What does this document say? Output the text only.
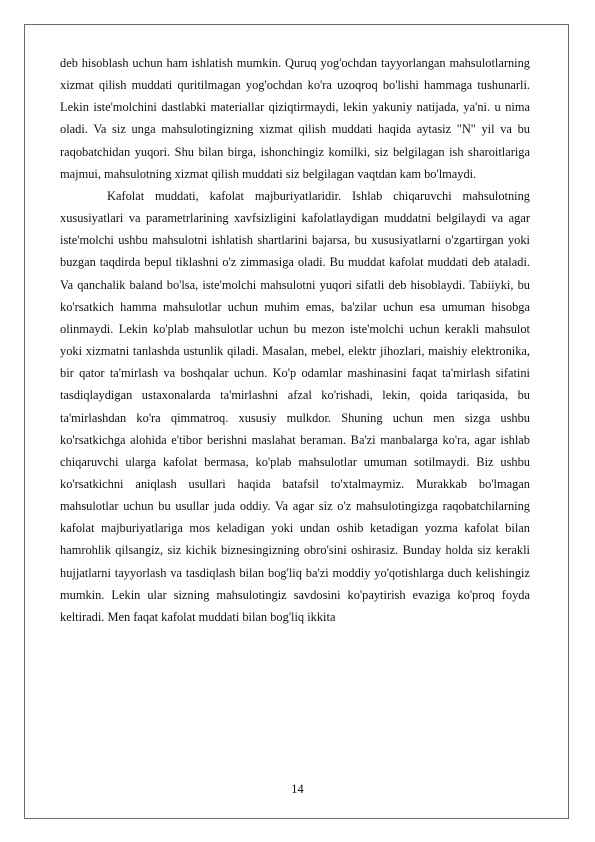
deb hisoblash uchun ham ishlatish mumkin. Quruq yog'ochdan tayyorlangan mahsulotlarning xizmat qilish muddati quritilmagan yog'ochdan ko'ra uzoqroq bo'lishi hammaga tushunarli. Lekin iste'molchini dastlabki materiallar qiziqtirmaydi, lekin yakuniy natijada, ya'ni. u nima oladi. Va siz unga mahsulotingizning xizmat qilish muddati haqida aytasiz "N" yil va bu raqobatchidan yuqori. Shu bilan birga, ishonchingiz komilki, siz belgilagan ish sharoitlariga majmui, mahsulotning xizmat qilish muddati siz belgilagan vaqtdan kam bo'lmaydi.

Kafolat muddati, kafolat majburiyatlaridir. Ishlab chiqaruvchi mahsulotning xususiyatlari va parametrlarining xavfsizligini kafolatlaydigan muddatni belgilaydi va agar iste'molchi ushbu mahsulotni ishlatish shartlarini bajarsa, bu xususiyatlarni o'zgartirgan yoki buzgan taqdirda bepul tiklashni o'z zimmasiga oladi. Bu muddat kafolat muddati deb ataladi. Va qanchalik baland bo'lsa, iste'molchi mahsulotni yuqori sifatli deb hisoblaydi. Tabiiyki, bu ko'rsatkich hamma mahsulotlar uchun muhim emas, ba'zilar uchun esa umuman hisobga olinmaydi. Lekin ko'plab mahsulotlar uchun bu mezon iste'molchi uchun kerakli mahsulot yoki xizmatni tanlashda ustunlik qiladi. Masalan, mebel, elektr jihozlari, maishiy elektronika, bir qator ta'mirlash va boshqalar uchun. Ko'p odamlar mashinasini faqat ta'mirlash sifatini tasdiqlaydigan ustaxonalarda ta'mirlashni afzal ko'rishadi, lekin, qoida tariqasida, bu ta'mirlashdan ko'ra qimmatroq. xususiy mulkdor. Shuning uchun men sizga ushbu ko'rsatkichga alohida e'tibor berishni maslahat beraman. Ba'zi manbalarga ko'ra, agar ishlab chiqaruvchi ularga kafolat bermasa, ko'plab mahsulotlar umuman sotilmaydi. Biz ushbu ko'rsatkichni aniqlash usullari haqida batafsil to'xtalmaymiz. Murakkab bo'lmagan mahsulotlar uchun bu usullar juda oddiy. Va agar siz o'z mahsulotingizga raqobatchilarning kafolat majburiyatlariga mos keladigan yoki undan oshib ketadigan yozma kafolat bilan hamrohlik qilsangiz, siz kichik biznesingizning obro'sini oshirasiz. Bunday holda siz kerakli hujjatlarni tayyorlash va tasdiqlash bilan bog'liq ba'zi moddiy yo'qotishlarga duch kelishingiz mumkin. Lekin ular sizning mahsulotingiz savdosini ko'paytirish evaziga ko'proq foyda keltiradi. Men faqat kafolat muddati bilan bog'liq ikkita

14
